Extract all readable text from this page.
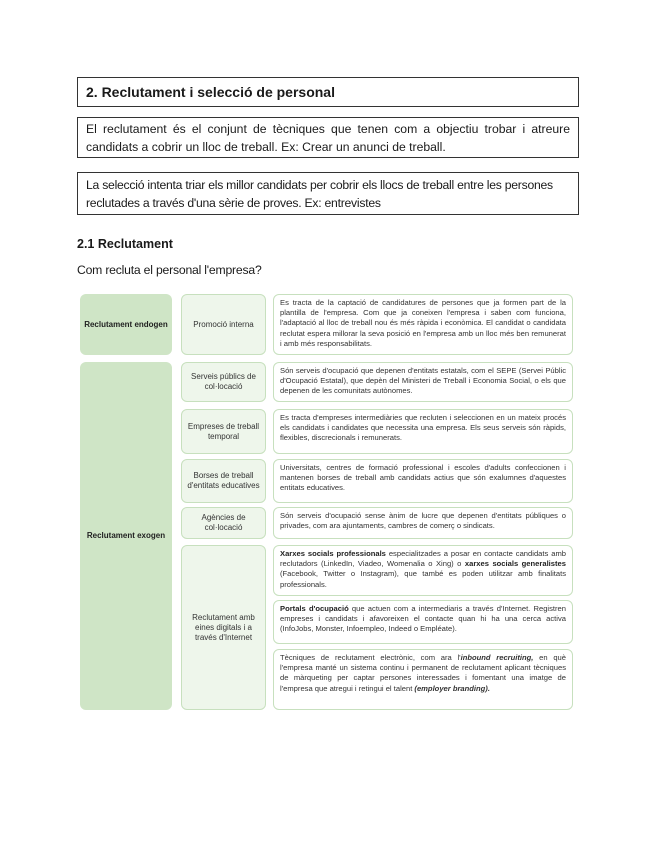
2. Reclutament i selecció de personal
El reclutament és el conjunt de tècniques que tenen com a objectiu trobar i atreure candidats a cobrir un lloc de treball. Ex: Crear un anunci de treball.
La selecció intenta triar els millor candidats per cobrir els llocs de treball entre les persones reclutades a través d'una sèrie de proves. Ex: entrevistes
2.1 Reclutament

Com recluta el personal l'empresa?

Reclutament endogen
Reclutament exogen
Promoció interna
Serveis públics de col·locació
Empreses de treball temporal
Borses de treball d'entitats educatives
Agències de col·locació
Reclutament amb eines digitals i a través d'Internet
Es tracta de la captació de candidatures de persones que ja formen part de la plantilla de l'empresa. Com que ja coneixen l'empresa i saben com funciona, l'adaptació al lloc de treball nou és més ràpida i econòmica. El candidat o candidata reclutat espera millorar la seva posició en l'empresa amb un lloc més ben remunerat i amb més responsabilitats.
Són serveis d'ocupació que depenen d'entitats estatals, com el SEPE (Servei Públic d'Ocupació Estatal), que depèn del Ministeri de Treball i Economia Social, o els que depenen de les comunitats autònomes.
Es tracta d'empreses intermediàries que recluten i seleccionen en un mateix procés els candidats i candidates que necessita una empresa. Els seus serveis són ràpids, flexibles, discrecionals i remunerats.
Universitats, centres de formació professional i escoles d'adults confeccionen i mantenen borses de treball amb candidats actius que són exalumnes d'aquestes entitats educatives.
Són serveis d'ocupació sense ànim de lucre que depenen d'entitats públiques o privades, com ara ajuntaments, cambres de comerç o sindicats.
Xarxes socials professionals especialitzades a posar en contacte candidats amb reclutadors (LinkedIn, Viadeo, Womenalia o Xing) o xarxes socials generalistes (Facebook, Twitter o Instagram), que també es poden utilitzar amb finalitats professionals.
Portals d'ocupació que actuen com a intermediaris a través d'Internet. Registren empreses i candidats i afavoreixen el contacte quan hi ha una cerca activa (InfoJobs, Monster, Infoempleo, Indeed o Empléate).
Tècniques de reclutament electrònic, com ara l'inbound recruiting, en què l'empresa manté un sistema continu i permanent de reclutament aplicant tècniques de màrqueting per captar persones interessades i fomentant una imatge de l'empresa que atregui i retingui el talent (employer branding).
